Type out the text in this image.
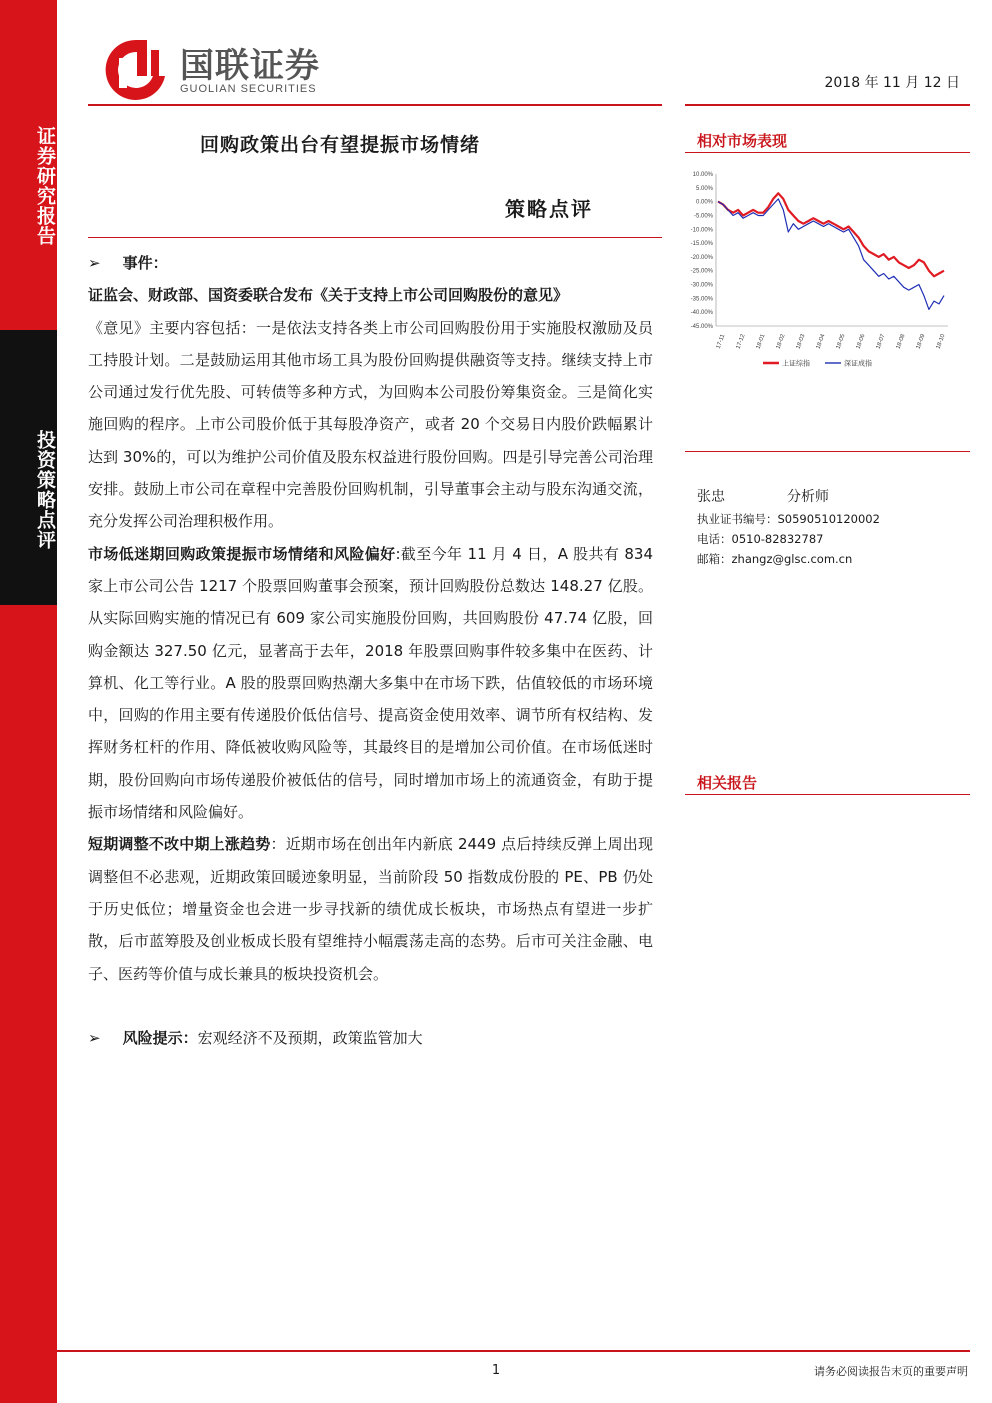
证券研究报告
投资策略点评
国联证券
GUOLIAN SECURITIES	2018 年 11 月 12 日
回购政策出台有望提振市场情绪
策略点评

➢ 事件：

证监会、财政部、国资委联合发布《关于支持上市公司回购股份的意见》

《意见》主要内容包括：一是依法支持各类上市公司回购股份用于实施股权激励及员工持股计划。二是鼓励运用其他市场工具为股份回购提供融资等支持。继续支持上市公司通过发行优先股、可转债等多种方式，为回购本公司股份筹集资金。三是简化实施回购的程序。上市公司股价低于其每股净资产，或者 20 个交易日内股价跌幅累计达到 30%的，可以为维护公司价值及股东权益进行股份回购。四是引导完善公司治理安排。鼓励上市公司在章程中完善股份回购机制，引导董事会主动与股东沟通交流，充分发挥公司治理积极作用。

市场低迷期回购政策提振市场情绪和风险偏好:截至今年 11 月 4 日，A 股共有 834 家上市公司公告 1217 个股票回购董事会预案，预计回购股份总数达 148.27 亿股。从实际回购实施的情况已有 609 家公司实施股份回购，共回购股份 47.74 亿股，回购金额达 327.50 亿元，显著高于去年，2018 年股票回购事件较多集中在医药、计算机、化工等行业。A 股的股票回购热潮大多集中在市场下跌，估值较低的市场环境中，回购的作用主要有传递股价低估信号、提高资金使用效率、调节所有权结构、发挥财务杠杆的作用、降低被收购风险等，其最终目的是增加公司价值。在市场低迷时期，股份回购向市场传递股价被低估的信号，同时增加市场上的流通资金，有助于提振市场情绪和风险偏好。

短期调整不改中期上涨趋势：近期市场在创出年内新底 2449 点后持续反弹上周出现调整但不必悲观，近期政策回暖迹象明显，当前阶段 50 指数成份股的 PE、PB 仍处于历史低位；增量资金也会进一步寻找新的绩优成长板块，市场热点有望进一步扩散，后市蓝筹股及创业板成长股有望维持小幅震荡走高的态势。后市可关注金融、电子、医药等价值与成长兼具的板块投资机会。

➢ 风险提示：宏观经济不及预期，政策监管加大

相对市场表现
10.00%
5.00%
0.00%
-5.00%
-10.00%
-15.00%
-20.00%
-25.00%
-30.00%
-35.00%
-40.00%
-45.00%
17-11 17-12 18-01 18-02 18-03 18-04 18-05 18-06 18-07 18-08 18-09 18-10
上证综指	深证成指
张忠	分析师
执业证书编号：S0590510120002
电话：0510-82832787
邮箱：zhangz@glsc.com.cn
相关报告
1	请务必阅读报告末页的重要声明
